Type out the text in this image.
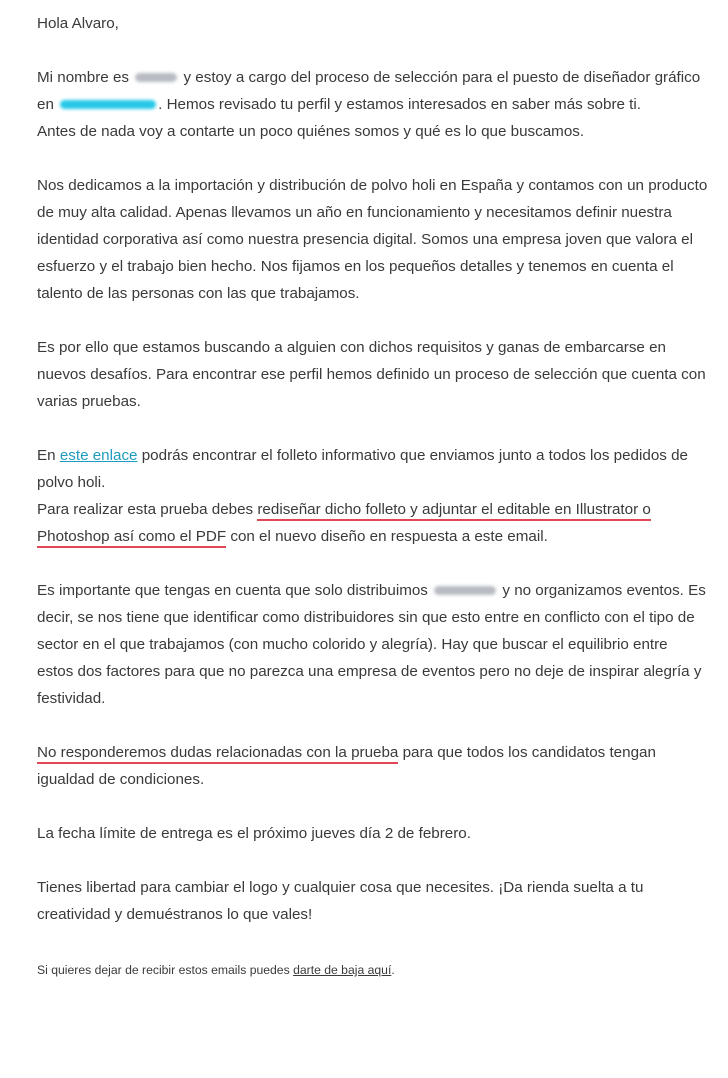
Hola Alvaro,

Mi nombre es	y estoy a cargo del proceso de selección para el puesto de diseñador gráfico en	. Hemos revisado tu perfil y estamos interesados en saber más sobre ti.

Antes de nada voy a contarte un poco quiénes somos y qué es lo que buscamos.

Nos dedicamos a la importación y distribución de polvo holi en España y contamos con un producto de muy alta calidad. Apenas llevamos un año en funcionamiento y necesitamos definir nuestra identidad corporativa así como nuestra presencia digital. Somos una empresa joven que valora el esfuerzo y el trabajo bien hecho. Nos fijamos en los pequeños detalles y tenemos en cuenta el talento de las personas con las que trabajamos.

Es por ello que estamos buscando a alguien con dichos requisitos y ganas de embarcarse en nuevos desafíos. Para encontrar ese perfil hemos definido un proceso de selección que cuenta con varias pruebas.

En este enlace podrás encontrar el folleto informativo que enviamos junto a todos los pedidos de polvo holi.

Para realizar esta prueba debes rediseñar dicho folleto y adjuntar el editable en Illustrator o Photoshop así como el PDF con el nuevo diseño en respuesta a este email.

Es importante que tengas en cuenta que solo distribuimos	y no organizamos eventos. Es decir, se nos tiene que identificar como distribuidores sin que esto entre en conflicto con el tipo de sector en el que trabajamos (con mucho colorido y alegría). Hay que buscar el equilibrio entre estos dos factores para que no parezca una empresa de eventos pero no deje de inspirar alegría y festividad.

No responderemos dudas relacionadas con la prueba para que todos los candidatos tengan igualdad de condiciones.

La fecha límite de entrega es el próximo jueves día 2 de febrero.

Tienes libertad para cambiar el logo y cualquier cosa que necesites. ¡Da rienda suelta a tu creatividad y demuéstranos lo que vales!

Si quieres dejar de recibir estos emails puedes darte de baja aquí.
